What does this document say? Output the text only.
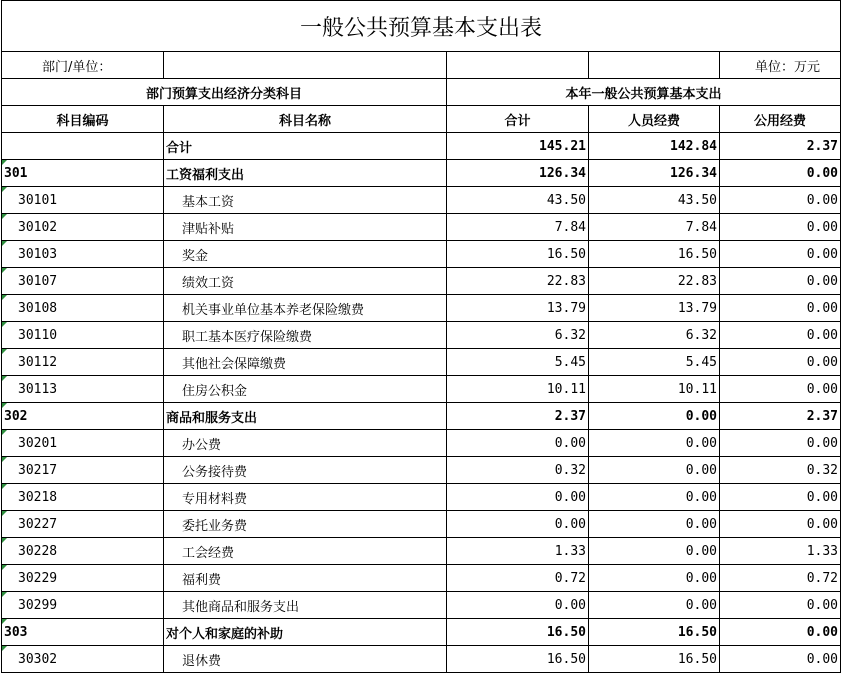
一般公共预算基本支出表				
部门/单位：				单位：万元
部门预算支出经济分类科目		本年一般公共预算基本支出		
科目编码	科目名称	合计	人员经费	公用经费
	合计	145.21	142.84	2.37

301	工资福利支出	126.34	126.34	0.00

30101	基本工资	43.50	43.50	0.00

30102	津贴补贴	7.84	7.84	0.00

30103	奖金	16.50	16.50	0.00

30107	绩效工资	22.83	22.83	0.00

30108	机关事业单位基本养老保险缴费	13.79	13.79	0.00

30110	职工基本医疗保险缴费	6.32	6.32	0.00

30112	其他社会保障缴费	5.45	5.45	0.00

30113	住房公积金	10.11	10.11	0.00

302	商品和服务支出	2.37	0.00	2.37

30201	办公费	0.00	0.00	0.00

30217	公务接待费	0.32	0.00	0.32

30218	专用材料费	0.00	0.00	0.00

30227	委托业务费	0.00	0.00	0.00

30228	工会经费	1.33	0.00	1.33

30229	福利费	0.72	0.00	0.72

30299	其他商品和服务支出	0.00	0.00	0.00

303	对个人和家庭的补助	16.50	16.50	0.00

30302	退休费	16.50	16.50	0.00
